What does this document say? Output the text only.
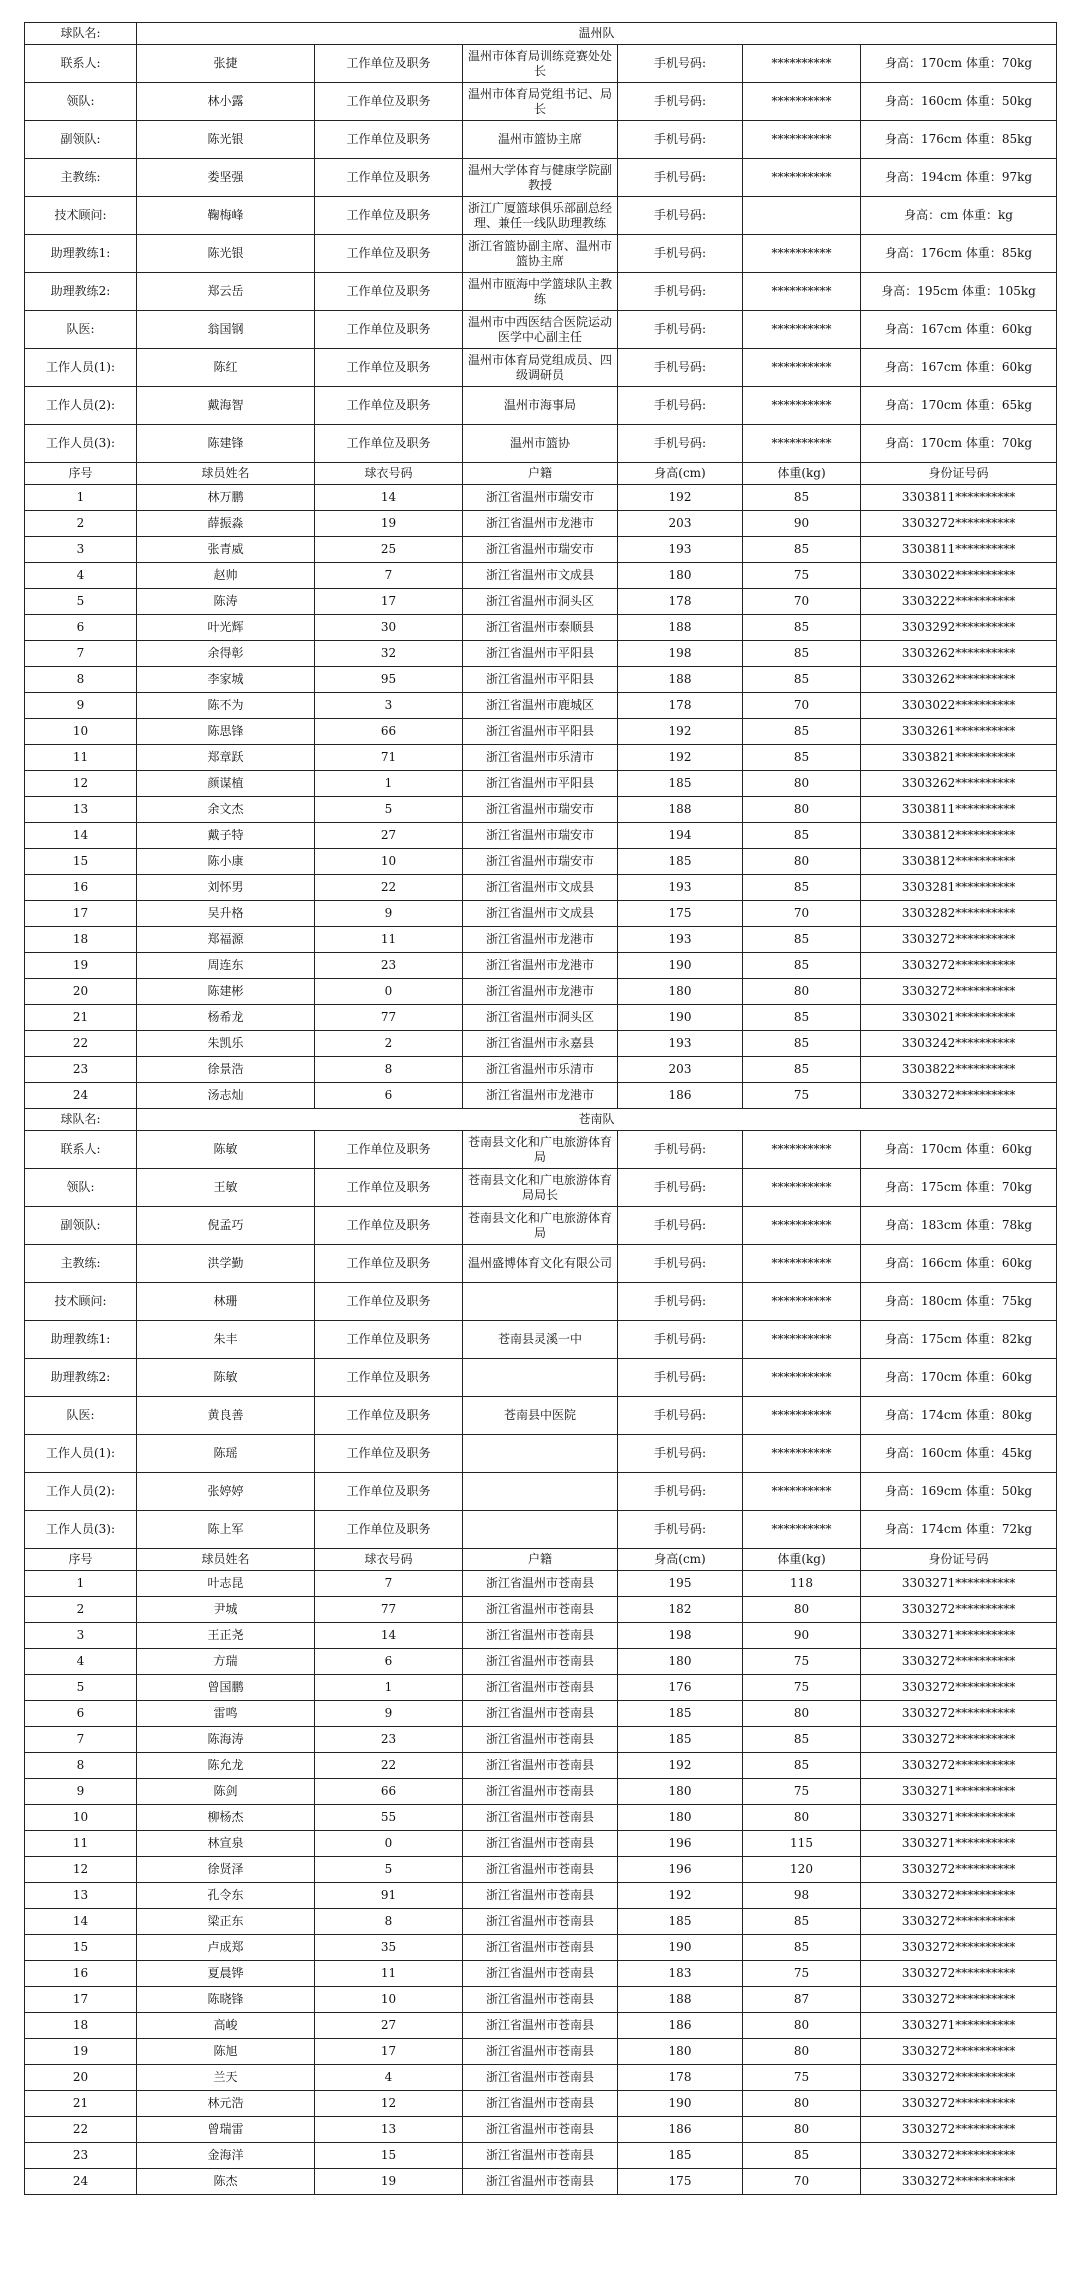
球队名:	温州队					
联系人:	张捷	工作单位及职务	温州市体育局训练竞赛处处长	手机号码:	**********	身高：170cm 体重：70kg
领队:	林小露	工作单位及职务	温州市体育局党组书记、局长	手机号码:	**********	身高：160cm 体重：50kg
副领队:	陈光银	工作单位及职务	温州市篮协主席	手机号码:	**********	身高：176cm 体重：85kg
主教练:	娄坚强	工作单位及职务	温州大学体育与健康学院副教授	手机号码:	**********	身高：194cm 体重：97kg
技术顾问:	鞠梅峰	工作单位及职务	浙江广厦篮球俱乐部副总经理、兼任一线队助理教练	手机号码:		身高：cm 体重：kg
助理教练1:	陈光银	工作单位及职务	浙江省篮协副主席、温州市篮协主席	手机号码:	**********	身高：176cm 体重：85kg
助理教练2:	郑云岳	工作单位及职务	温州市瓯海中学篮球队主教练	手机号码:	**********	身高：195cm 体重：105kg
队医:	翁国钢	工作单位及职务	温州市中西医结合医院运动医学中心副主任	手机号码:	**********	身高：167cm 体重：60kg
工作人员(1):	陈红	工作单位及职务	温州市体育局党组成员、四级调研员	手机号码:	**********	身高：167cm 体重：60kg
工作人员(2):	戴海智	工作单位及职务	温州市海事局	手机号码:	**********	身高：170cm 体重：65kg
工作人员(3):	陈建锋	工作单位及职务	温州市篮协	手机号码:	**********	身高：170cm 体重：70kg
序号	球员姓名	球衣号码	户籍	身高(cm)	体重(kg)	身份证号码
1	林万鹏	14	浙江省温州市瑞安市	192	85	3303811**********
2	薛振淼	19	浙江省温州市龙港市	203	90	3303272**********
3	张青威	25	浙江省温州市瑞安市	193	85	3303811**********
4	赵帅	7	浙江省温州市文成县	180	75	3303022**********
5	陈涛	17	浙江省温州市洞头区	178	70	3303222**********
6	叶光辉	30	浙江省温州市泰顺县	188	85	3303292**********
7	余得彰	32	浙江省温州市平阳县	198	85	3303262**********
8	李家城	95	浙江省温州市平阳县	188	85	3303262**********
9	陈不为	3	浙江省温州市鹿城区	178	70	3303022**********
10	陈思锋	66	浙江省温州市平阳县	192	85	3303261**********
11	郑章跃	71	浙江省温州市乐清市	192	85	3303821**********
12	颜谋植	1	浙江省温州市平阳县	185	80	3303262**********
13	余文杰	5	浙江省温州市瑞安市	188	80	3303811**********
14	戴子特	27	浙江省温州市瑞安市	194	85	3303812**********
15	陈小康	10	浙江省温州市瑞安市	185	80	3303812**********
16	刘怀男	22	浙江省温州市文成县	193	85	3303281**********
17	吴升格	9	浙江省温州市文成县	175	70	3303282**********
18	郑福源	11	浙江省温州市龙港市	193	85	3303272**********
19	周连东	23	浙江省温州市龙港市	190	85	3303272**********
20	陈建彬	0	浙江省温州市龙港市	180	80	3303272**********
21	杨希龙	77	浙江省温州市洞头区	190	85	3303021**********
22	朱凯乐	2	浙江省温州市永嘉县	193	85	3303242**********
23	徐景浩	8	浙江省温州市乐清市	203	85	3303822**********
24	汤志灿	6	浙江省温州市龙港市	186	75	3303272**********
球队名:	苍南队					
联系人:	陈敏	工作单位及职务	苍南县文化和广电旅游体育局	手机号码:	**********	身高：170cm 体重：60kg
领队:	王敏	工作单位及职务	苍南县文化和广电旅游体育局局长	手机号码:	**********	身高：175cm 体重：70kg
副领队:	倪孟巧	工作单位及职务	苍南县文化和广电旅游体育局	手机号码:	**********	身高：183cm 体重：78kg
主教练:	洪学勤	工作单位及职务	温州盛博体育文化有限公司	手机号码:	**********	身高：166cm 体重：60kg
技术顾问:	林珊	工作单位及职务		手机号码:	**********	身高：180cm 体重：75kg
助理教练1:	朱丰	工作单位及职务	苍南县灵溪一中	手机号码:	**********	身高：175cm 体重：82kg
助理教练2:	陈敏	工作单位及职务		手机号码:	**********	身高：170cm 体重：60kg
队医:	黄良善	工作单位及职务	苍南县中医院	手机号码:	**********	身高：174cm 体重：80kg
工作人员(1):	陈瑶	工作单位及职务		手机号码:	**********	身高：160cm 体重：45kg
工作人员(2):	张婷婷	工作单位及职务		手机号码:	**********	身高：169cm 体重：50kg
工作人员(3):	陈上军	工作单位及职务		手机号码:	**********	身高：174cm 体重：72kg
序号	球员姓名	球衣号码	户籍	身高(cm)	体重(kg)	身份证号码
1	叶志昆	7	浙江省温州市苍南县	195	118	3303271**********
2	尹城	77	浙江省温州市苍南县	182	80	3303272**********
3	王正尧	14	浙江省温州市苍南县	198	90	3303271**********
4	方瑞	6	浙江省温州市苍南县	180	75	3303272**********
5	曾国鹏	1	浙江省温州市苍南县	176	75	3303272**********
6	雷鸣	9	浙江省温州市苍南县	185	80	3303272**********
7	陈海涛	23	浙江省温州市苍南县	185	85	3303272**********
8	陈允龙	22	浙江省温州市苍南县	192	85	3303272**********
9	陈剑	66	浙江省温州市苍南县	180	75	3303271**********
10	柳杨杰	55	浙江省温州市苍南县	180	80	3303271**********
11	林宣泉	0	浙江省温州市苍南县	196	115	3303271**********
12	徐贤泽	5	浙江省温州市苍南县	196	120	3303272**********
13	孔令东	91	浙江省温州市苍南县	192	98	3303272**********
14	梁正东	8	浙江省温州市苍南县	185	85	3303272**********
15	卢成郑	35	浙江省温州市苍南县	190	85	3303272**********
16	夏晨铧	11	浙江省温州市苍南县	183	75	3303272**********
17	陈晓锋	10	浙江省温州市苍南县	188	87	3303272**********
18	高峻	27	浙江省温州市苍南县	186	80	3303271**********
19	陈旭	17	浙江省温州市苍南县	180	80	3303272**********
20	兰天	4	浙江省温州市苍南县	178	75	3303272**********
21	林元浩	12	浙江省温州市苍南县	190	80	3303272**********
22	曾瑞雷	13	浙江省温州市苍南县	186	80	3303272**********
23	金海洋	15	浙江省温州市苍南县	185	85	3303272**********
24	陈杰	19	浙江省温州市苍南县	175	70	3303272**********
